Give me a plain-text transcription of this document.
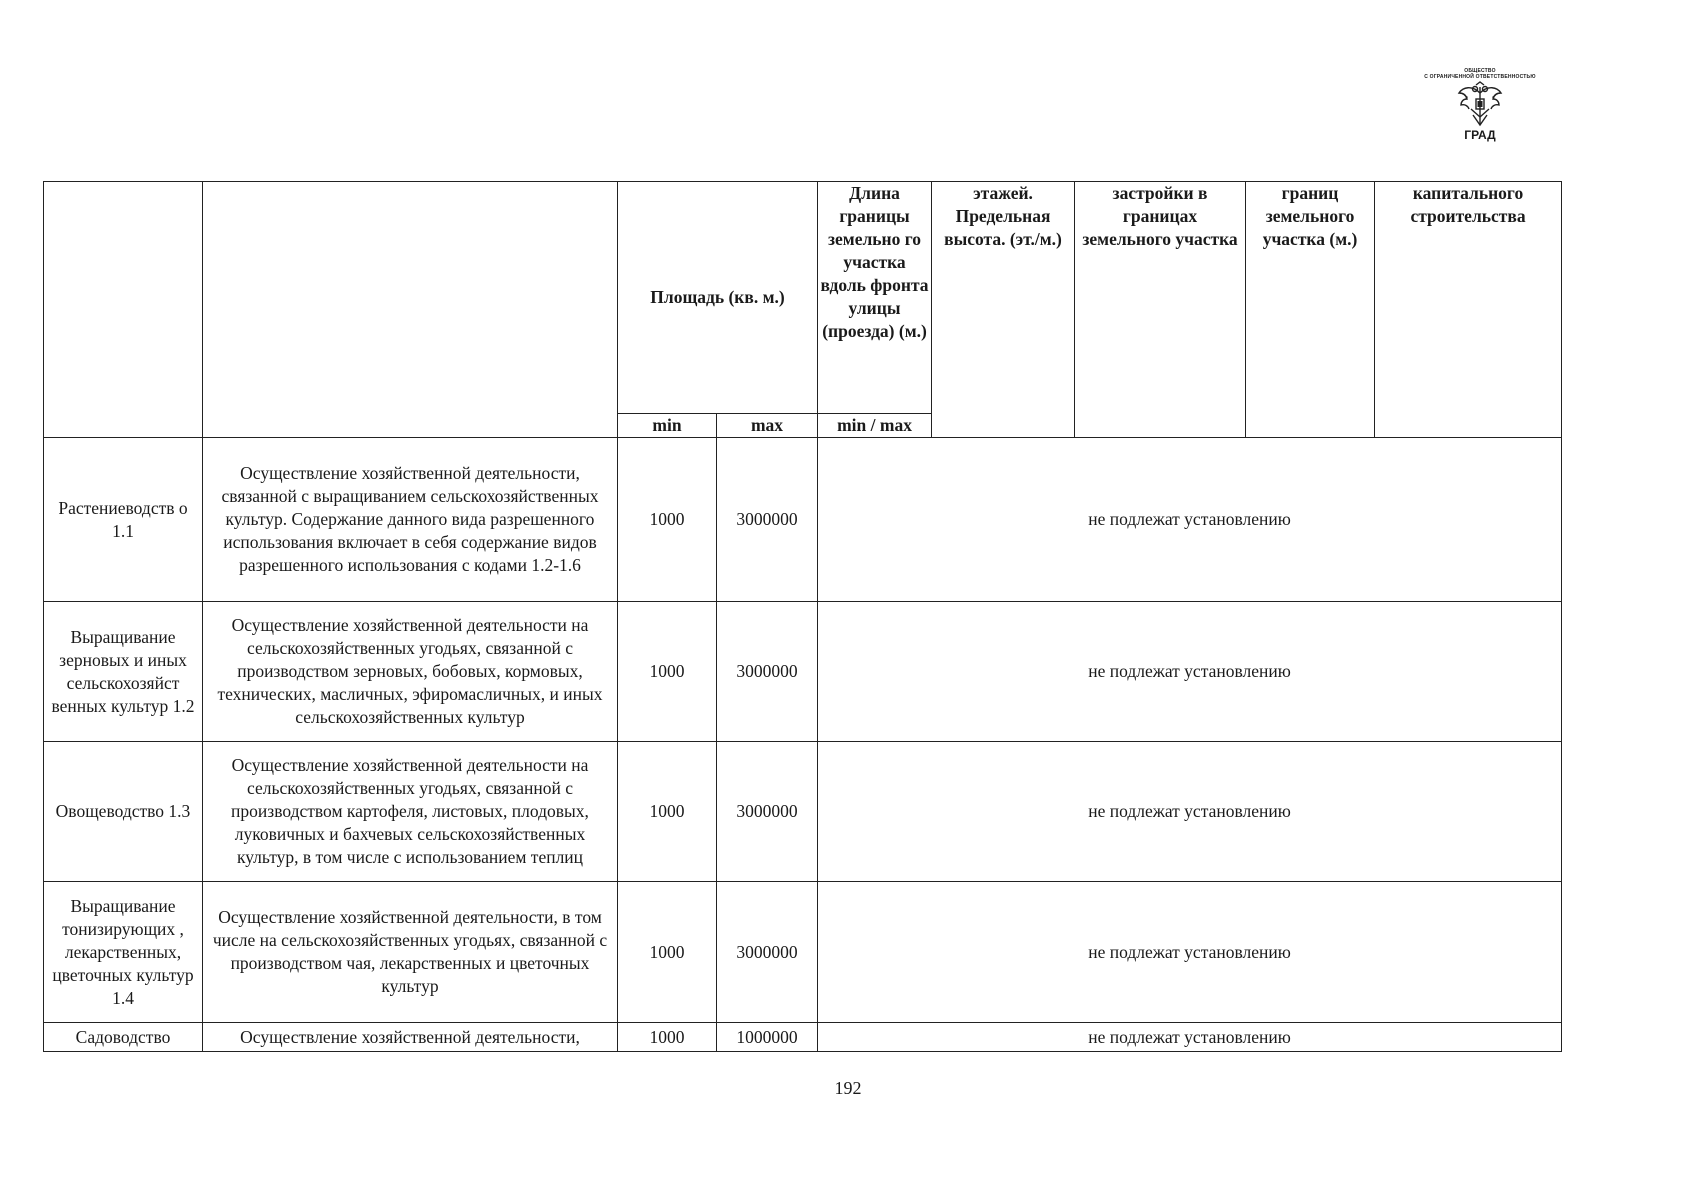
ОБЩЕСТВО
С ОГРАНИЧЕННОЙ ОТВЕТСТВЕННОСТЬЮ
ГРАД
		Площадь (кв. м.)		Длина границы земельно го участка вдоль фронта улицы (проезда) (м.)	этажей. Предельная высота. (эт./м.)	застройки в границах земельного участка	границ земельного участка (м.)	капитального строительства
		min	max	min / max				
Растениеводств о 1.1	Осуществление хозяйственной деятельности, связанной с выращиванием сельскохозяйственных культур. Содержание данного вида разрешенного использования включает в себя содержание видов разрешенного использования с кодами 1.2-1.6	1000	3000000	не подлежат установлению				
Выращивание зерновых и иных сельскохозяйст венных культур 1.2	Осуществление хозяйственной деятельности на сельскохозяйственных угодьях, связанной с производством зерновых, бобовых, кормовых, технических, масличных, эфиромасличных, и иных сельскохозяйственных культур	1000	3000000	не подлежат установлению				
Овощеводство 1.3	Осуществление хозяйственной деятельности на сельскохозяйственных угодьях, связанной с производством картофеля, листовых, плодовых, луковичных и бахчевых сельскохозяйственных культур, в том числе с использованием теплиц	1000	3000000	не подлежат установлению				
Выращивание тонизирующих , лекарственных, цветочных культур 1.4	Осуществление хозяйственной деятельности, в том числе на сельскохозяйственных угодьях, связанной с производством чая, лекарственных и цветочных культур	1000	3000000	не подлежат установлению				
Садоводство	Осуществление хозяйственной деятельности,	1000	1000000	не подлежат установлению				
192
